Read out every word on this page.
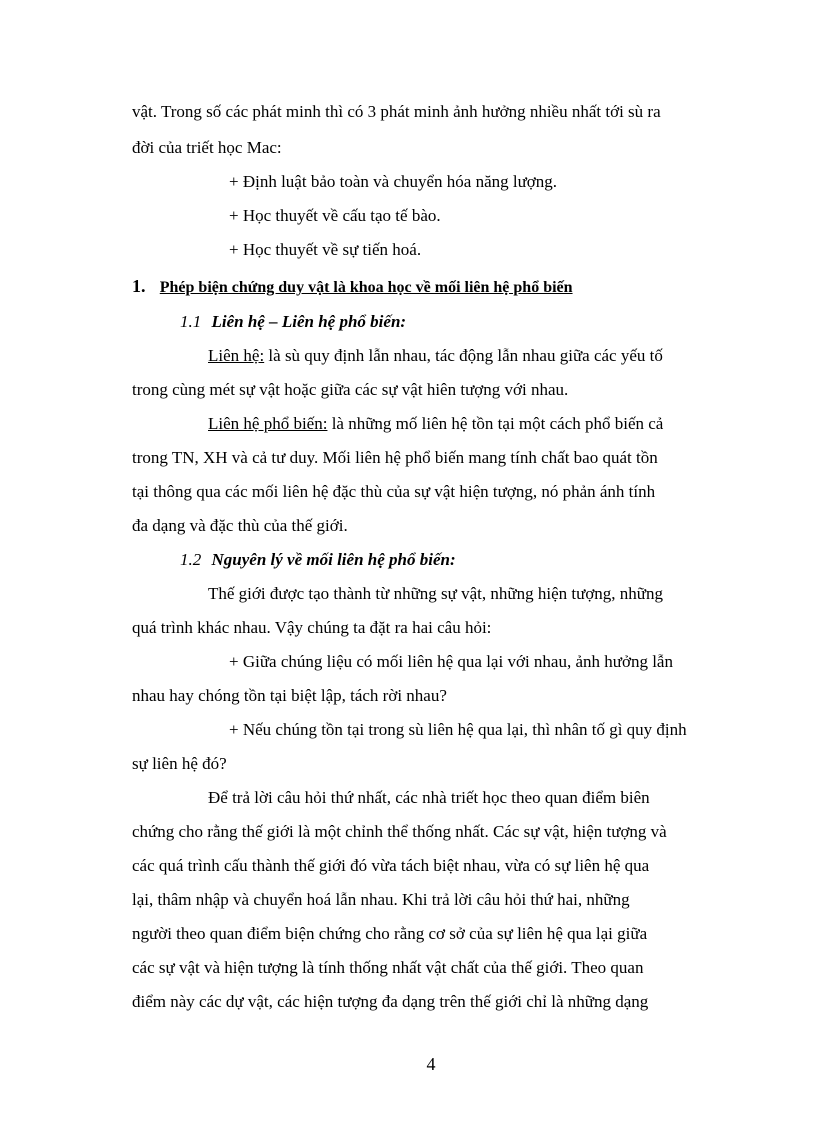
vật. Trong số các phát minh thì có 3 phát minh ảnh hưởng nhiều nhất tới sù ra
đời của triết học Mac:
+ Định luật bảo toàn và chuyển hóa năng lượng.
+ Học thuyết về cấu tạo tế bào.
+ Học thuyết về sự tiến hoá.
1. Phép biện chứng duy vật là khoa học về mối liên hệ phổ biến
1.1 Liên hệ – Liên hệ phổ biến:
Liên hệ: là sù quy định lẫn nhau, tác động lẫn nhau giữa các yếu tố
trong cùng mét sự vật hoặc giữa các sự vật hiên tượng với nhau.
Liên hệ phổ biến: là những mố liên hệ tồn tại một cách phổ biến cả
trong TN, XH và cả tư duy. Mối liên hệ phổ biến mang tính chất bao quát tồn
tại thông qua các mối liên hệ đặc thù của sự vật hiện tượng, nó phản ánh tính
đa dạng và đặc thù của thế giới.
1.2 Nguyên lý về mối liên hệ phổ biến:
Thế giới được tạo thành từ những sự vật, những hiện tượng, những
quá trình khác nhau. Vậy chúng ta đặt ra hai câu hỏi:
+ Giữa chúng liệu có mối liên hệ qua lại với nhau, ảnh hưởng lẫn
nhau hay chóng tồn tại biệt lập, tách rời nhau?
+ Nếu chúng tồn tại trong sù liên hệ qua lại, thì nhân tố gì quy định
sự liên hệ đó?
Để trả lời câu hỏi thứ nhất, các nhà triết học theo quan điểm biên
chứng cho rằng thế giới là một chỉnh thể thống nhất. Các sự vật, hiện tượng và
các quá trình cấu thành thế giới đó vừa tách biệt nhau, vừa có sự liên hệ qua
lại, thâm nhập và chuyển hoá lẫn nhau. Khi trả lời câu hỏi thứ hai, những
người theo quan điểm biện chứng cho rằng cơ sở của sự liên hệ qua lại giữa
các sự vật và hiện tượng là tính thống nhất vật chất của thế giới. Theo quan
điểm này các dự vật, các hiện tượng đa dạng trên thế giới chỉ là những dạng
4
